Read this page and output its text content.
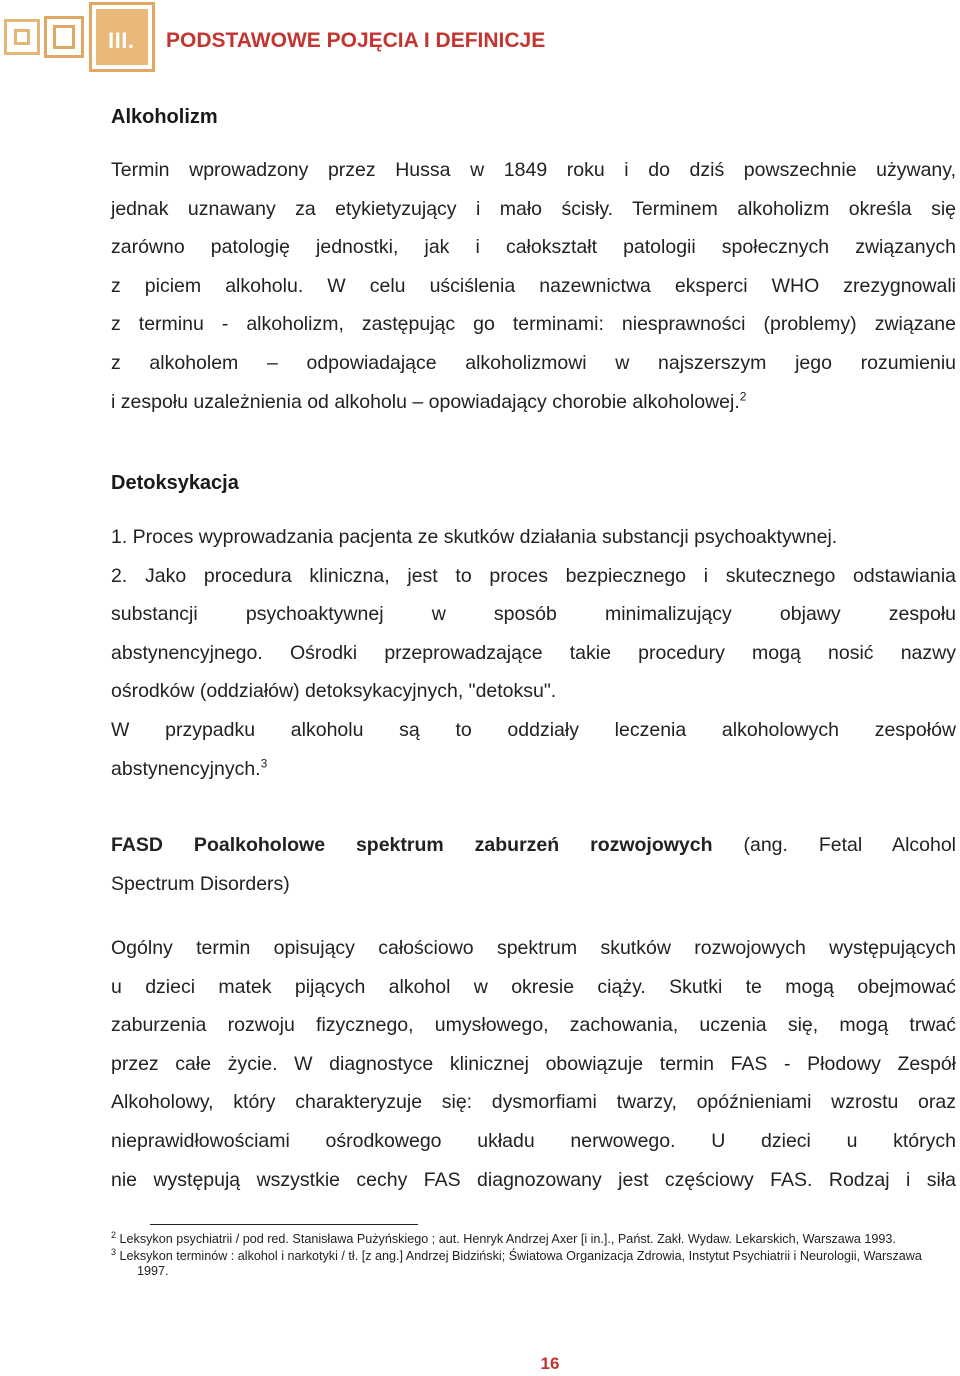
III. PODSTAWOWE POJĘCIA I DEFINICJE
Alkoholizm
Termin wprowadzony przez Hussa w 1849 roku i do dziś powszechnie używany,
jednak uznawany za etykietyzujący i mało ścisły. Terminem alkoholizm określa się
zarówno patologię jednostki, jak i całokształt patologii społecznych związanych
z piciem alkoholu. W celu uściślenia nazewnictwa eksperci WHO zrezygnowali
z terminu - alkoholizm, zastępując go terminami: niesprawności (problemy) związane
z alkoholem – odpowiadające alkoholizmowi w najszerszym jego rozumieniu
i zespołu uzależnienia od alkoholu – opowiadający chorobie alkoholowej.$^2$
Detoksykacja
1. Proces wyprowadzania pacjenta ze skutków działania substancji psychoaktywnej.
2. Jako procedura kliniczna, jest to proces bezpiecznego i skutecznego odstawiania
substancji psychoaktywnej w sposób minimalizujący objawy zespołu
abstynencyjnego. Ośrodki przeprowadzające takie procedury mogą nosić nazwy
ośrodków (oddziałów) detoksykacyjnych, "detoksu".
W przypadku alkoholu są to oddziały leczenia alkoholowych zespołów
abstynencyjnych.$^3$
FASD Poalkoholowe spektrum zaburzeń rozwojowych (ang. Fetal Alcohol
Spectrum Disorders)
Ogólny termin opisujący całościowo spektrum skutków rozwojowych występujących
u dzieci matek pijących alkohol w okresie ciąży. Skutki te mogą obejmować
zaburzenia rozwoju fizycznego, umysłowego, zachowania, uczenia się, mogą trwać
przez całe życie. W diagnostyce klinicznej obowiązuje termin FAS - Płodowy Zespół
Alkoholowy, który charakteryzuje się: dysmorfiami twarzy, opóźnieniami wzrostu oraz
nieprawidłowościami ośrodkowego układu nerwowego. U dzieci u których
nie występują wszystkie cechy FAS diagnozowany jest częściowy FAS. Rodzaj i siła
$^2$ Leksykon psychiatrii / pod red. Stanisława Pużyńskiego ; aut. Henryk Andrzej Axer [i in.]., Państ. Zakł. Wydaw. Lekarskich, Warszawa 1993.
$^3$ Leksykon terminów : alkohol i narkotyki / tł. [z ang.] Andrzej Bidziński; Światowa Organizacja Zdrowia, Instytut Psychiatrii i Neurologii, Warszawa
1997.
16
